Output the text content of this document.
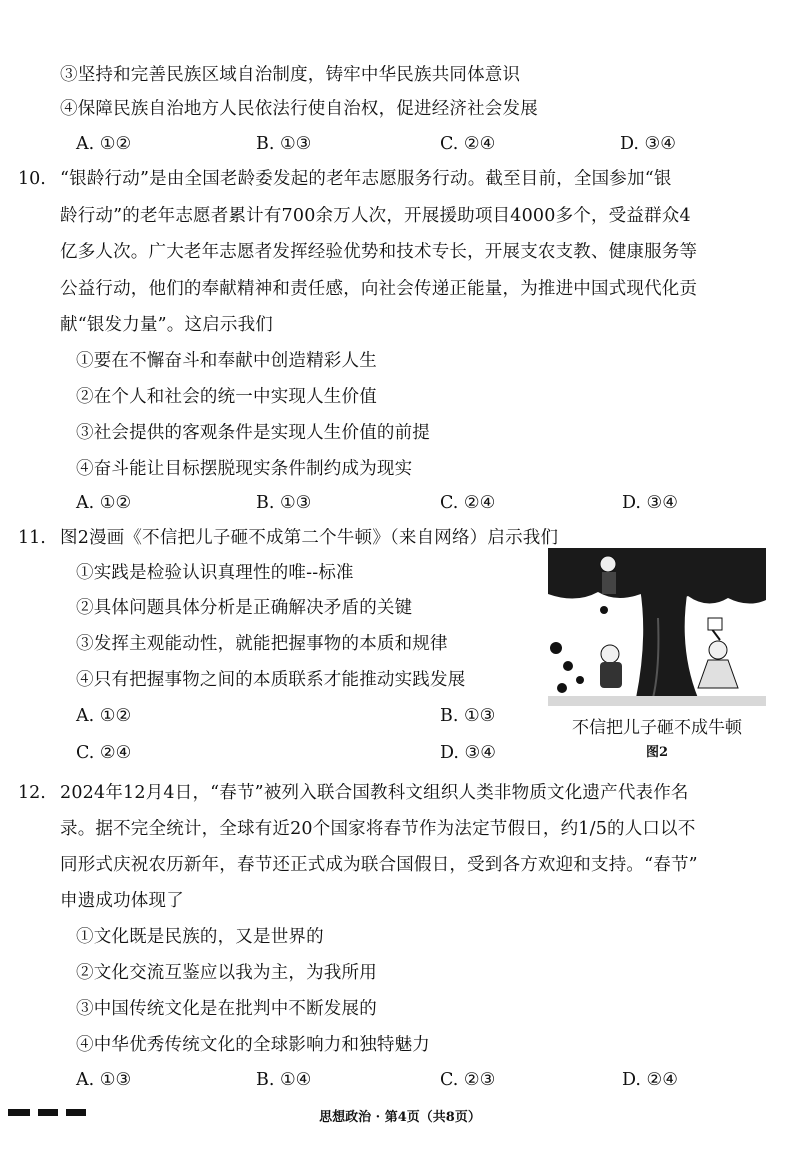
③坚持和完善民族区域自治制度，铸牢中华民族共同体意识
④保障民族自治地方人民依法行使自治权，促进经济社会发展
A. ①②	B. ①③	C. ②④	D. ③④
10. “银龄行动”是由全国老龄委发起的老年志愿服务行动。截至目前，全国参加“银
龄行动”的老年志愿者累计有700余万人次，开展援助项目4000多个，受益群众4
亿多人次。广大老年志愿者发挥经验优势和技术专长，开展支农支教、健康服务等
公益行动，他们的奉献精神和责任感，向社会传递正能量，为推进中国式现代化贡
献“银发力量”。这启示我们
①要在不懈奋斗和奉献中创造精彩人生
②在个人和社会的统一中实现人生价值
③社会提供的客观条件是实现人生价值的前提
④奋斗能让目标摆脱现实条件制约成为现实
A. ①②	B. ①③	C. ②④	D. ③④
11. 图2漫画《不信把儿子砸不成第二个牛顿》（来自网络）启示我们
①实践是检验认识真理性的唯--标准
②具体问题具体分析是正确解决矛盾的关键
③发挥主观能动性，就能把握事物的本质和规律
④只有把握事物之间的本质联系才能推动实践发展
A. ①②	B. ①③
C. ②④	D. ③④
不信把儿子砸不成牛顿
图2
12. 2024年12月4日，“春节”被列入联合国教科文组织人类非物质文化遗产代表作名
录。据不完全统计，全球有近20个国家将春节作为法定节假日，约1/5的人口以不
同形式庆祝农历新年，春节还正式成为联合国假日，受到各方欢迎和支持。“春节”
申遗成功体现了
①文化既是民族的，又是世界的
②文化交流互鉴应以我为主，为我所用
③中国传统文化是在批判中不断发展的
④中华优秀传统文化的全球影响力和独特魅力
A. ①③	B. ①④	C. ②③	D. ②④
思想政治 · 第4页（共8页）
